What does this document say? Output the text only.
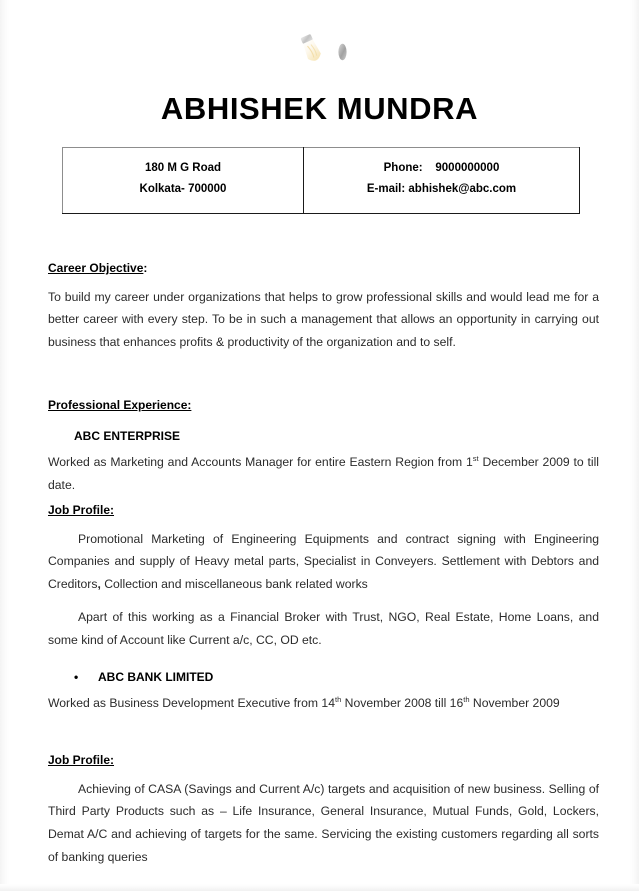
ABHISHEK MUNDRA
180 M G Road
Kolkata- 700000

Phone:    9000000000
E-mail: abhishek@abc.com
Career Objective:

To build my career under organizations that helps to grow professional skills and would lead me for a better career with every step. To be in such a management that allows an opportunity in carrying out business that enhances profits & productivity of the organization and to self.

Professional Experience:
ABC ENTERPRISE

Worked as Marketing and Accounts Manager for entire Eastern Region from 1st December 2009 to till date.

Job Profile:

Promotional Marketing of Engineering Equipments and contract signing with Engineering Companies and supply of Heavy metal parts, Specialist in Conveyers. Settlement with Debtors and Creditors, Collection and miscellaneous bank related works

Apart of this working as a Financial Broker with Trust, NGO, Real Estate, Home Loans, and some kind of Account like Current a/c, CC, OD etc.

• ABC BANK LIMITED

Worked as Business Development Executive from 14th November 2008 till 16th November 2009

Job Profile:

Achieving of CASA (Savings and Current A/c) targets and acquisition of new business. Selling of Third Party Products such as – Life Insurance, General Insurance, Mutual Funds, Gold, Lockers, Demat A/C and achieving of targets for the same. Servicing the existing customers regarding all sorts of banking queries
